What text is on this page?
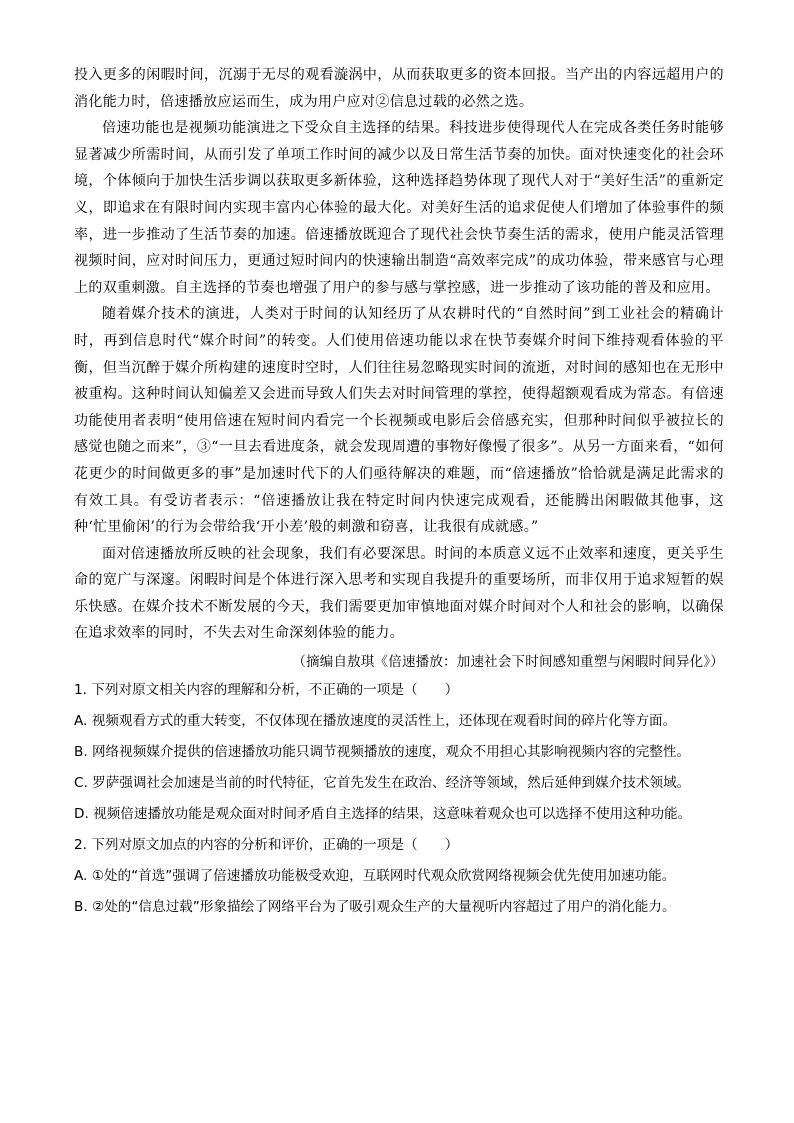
投入更多的闲暇时间，沉溺于无尽的观看漩涡中，从而获取更多的资本回报。当产出的内容远超用户的消化能力时，倍速播放应运而生，成为用户应对②信息过载的必然之选。

倍速功能也是视频功能演进之下受众自主选择的结果。科技进步使得现代人在完成各类任务时能够显著减少所需时间，从而引发了单项工作时间的减少以及日常生活节奏的加快。面对快速变化的社会环境，个体倾向于加快生活步调以获取更多新体验，这种选择趋势体现了现代人对于“美好生活”的重新定义，即追求在有限时间内实现丰富内心体验的最大化。对美好生活的追求促使人们增加了体验事件的频率，进一步推动了生活节奏的加速。倍速播放既迎合了现代社会快节奏生活的需求，使用户能灵活管理视频时间，应对时间压力，更通过短时间内的快速输出制造“高效率完成”的成功体验，带来感官与心理上的双重刺激。自主选择的节奏也增强了用户的参与感与掌控感，进一步推动了该功能的普及和应用。

随着媒介技术的演进，人类对于时间的认知经历了从农耕时代的“自然时间”到工业社会的精确计时，再到信息时代“媒介时间”的转变。人们使用倍速功能以求在快节奏媒介时间下维持观看体验的平衡，但当沉醉于媒介所构建的速度时空时，人们往往易忽略现实时间的流逝，对时间的感知也在无形中被重构。这种时间认知偏差又会进而导致人们失去对时间管理的掌控，使得超额观看成为常态。有倍速功能使用者表明“使用倍速在短时间内看完一个长视频或电影后会倍感充实，但那种时间似乎被拉长的感觉也随之而来”，③“一旦去看进度条，就会发现周遭的事物好像慢了很多”。从另一方面来看，“如何花更少的时间做更多的事”是加速时代下的人们亟待解决的难题，而“倍速播放”恰恰就是满足此需求的有效工具。有受访者表示：“倍速播放让我在特定时间内快速完成观看，还能腾出闲暇做其他事，这种‘忙里偷闲’的行为会带给我‘开小差’般的刺激和窃喜，让我很有成就感。”

面对倍速播放所反映的社会现象，我们有必要深思。时间的本质意义远不止效率和速度，更关乎生命的宽广与深邃。闲暇时间是个体进行深入思考和实现自我提升的重要场所，而非仅用于追求短暂的娱乐快感。在媒介技术不断发展的今天，我们需要更加审慎地面对媒介时间对个人和社会的影响，以确保在追求效率的同时，不失去对生命深刻体验的能力。

（摘编自敖琪《倍速播放：加速社会下时间感知重塑与闲暇时间异化》）

1. 下列对原文相关内容的理解和分析，不正确的一项是（　　）

A. 视频观看方式的重大转变，不仅体现在播放速度的灵活性上，还体现在观看时间的碎片化等方面。

B. 网络视频媒介提供的倍速播放功能只调节视频播放的速度，观众不用担心其影响视频内容的完整性。

C. 罗萨强调社会加速是当前的时代特征，它首先发生在政治、经济等领域，然后延伸到媒介技术领域。

D. 视频倍速播放功能是观众面对时间矛盾自主选择的结果，这意味着观众也可以选择不使用这种功能。

2. 下列对原文加点的内容的分析和评价，正确的一项是（　　）

A. ①处的“首选”强调了倍速播放功能极受欢迎，互联网时代观众欣赏网络视频会优先使用加速功能。

B. ②处的“信息过载”形象描绘了网络平台为了吸引观众生产的大量视听内容超过了用户的消化能力。
